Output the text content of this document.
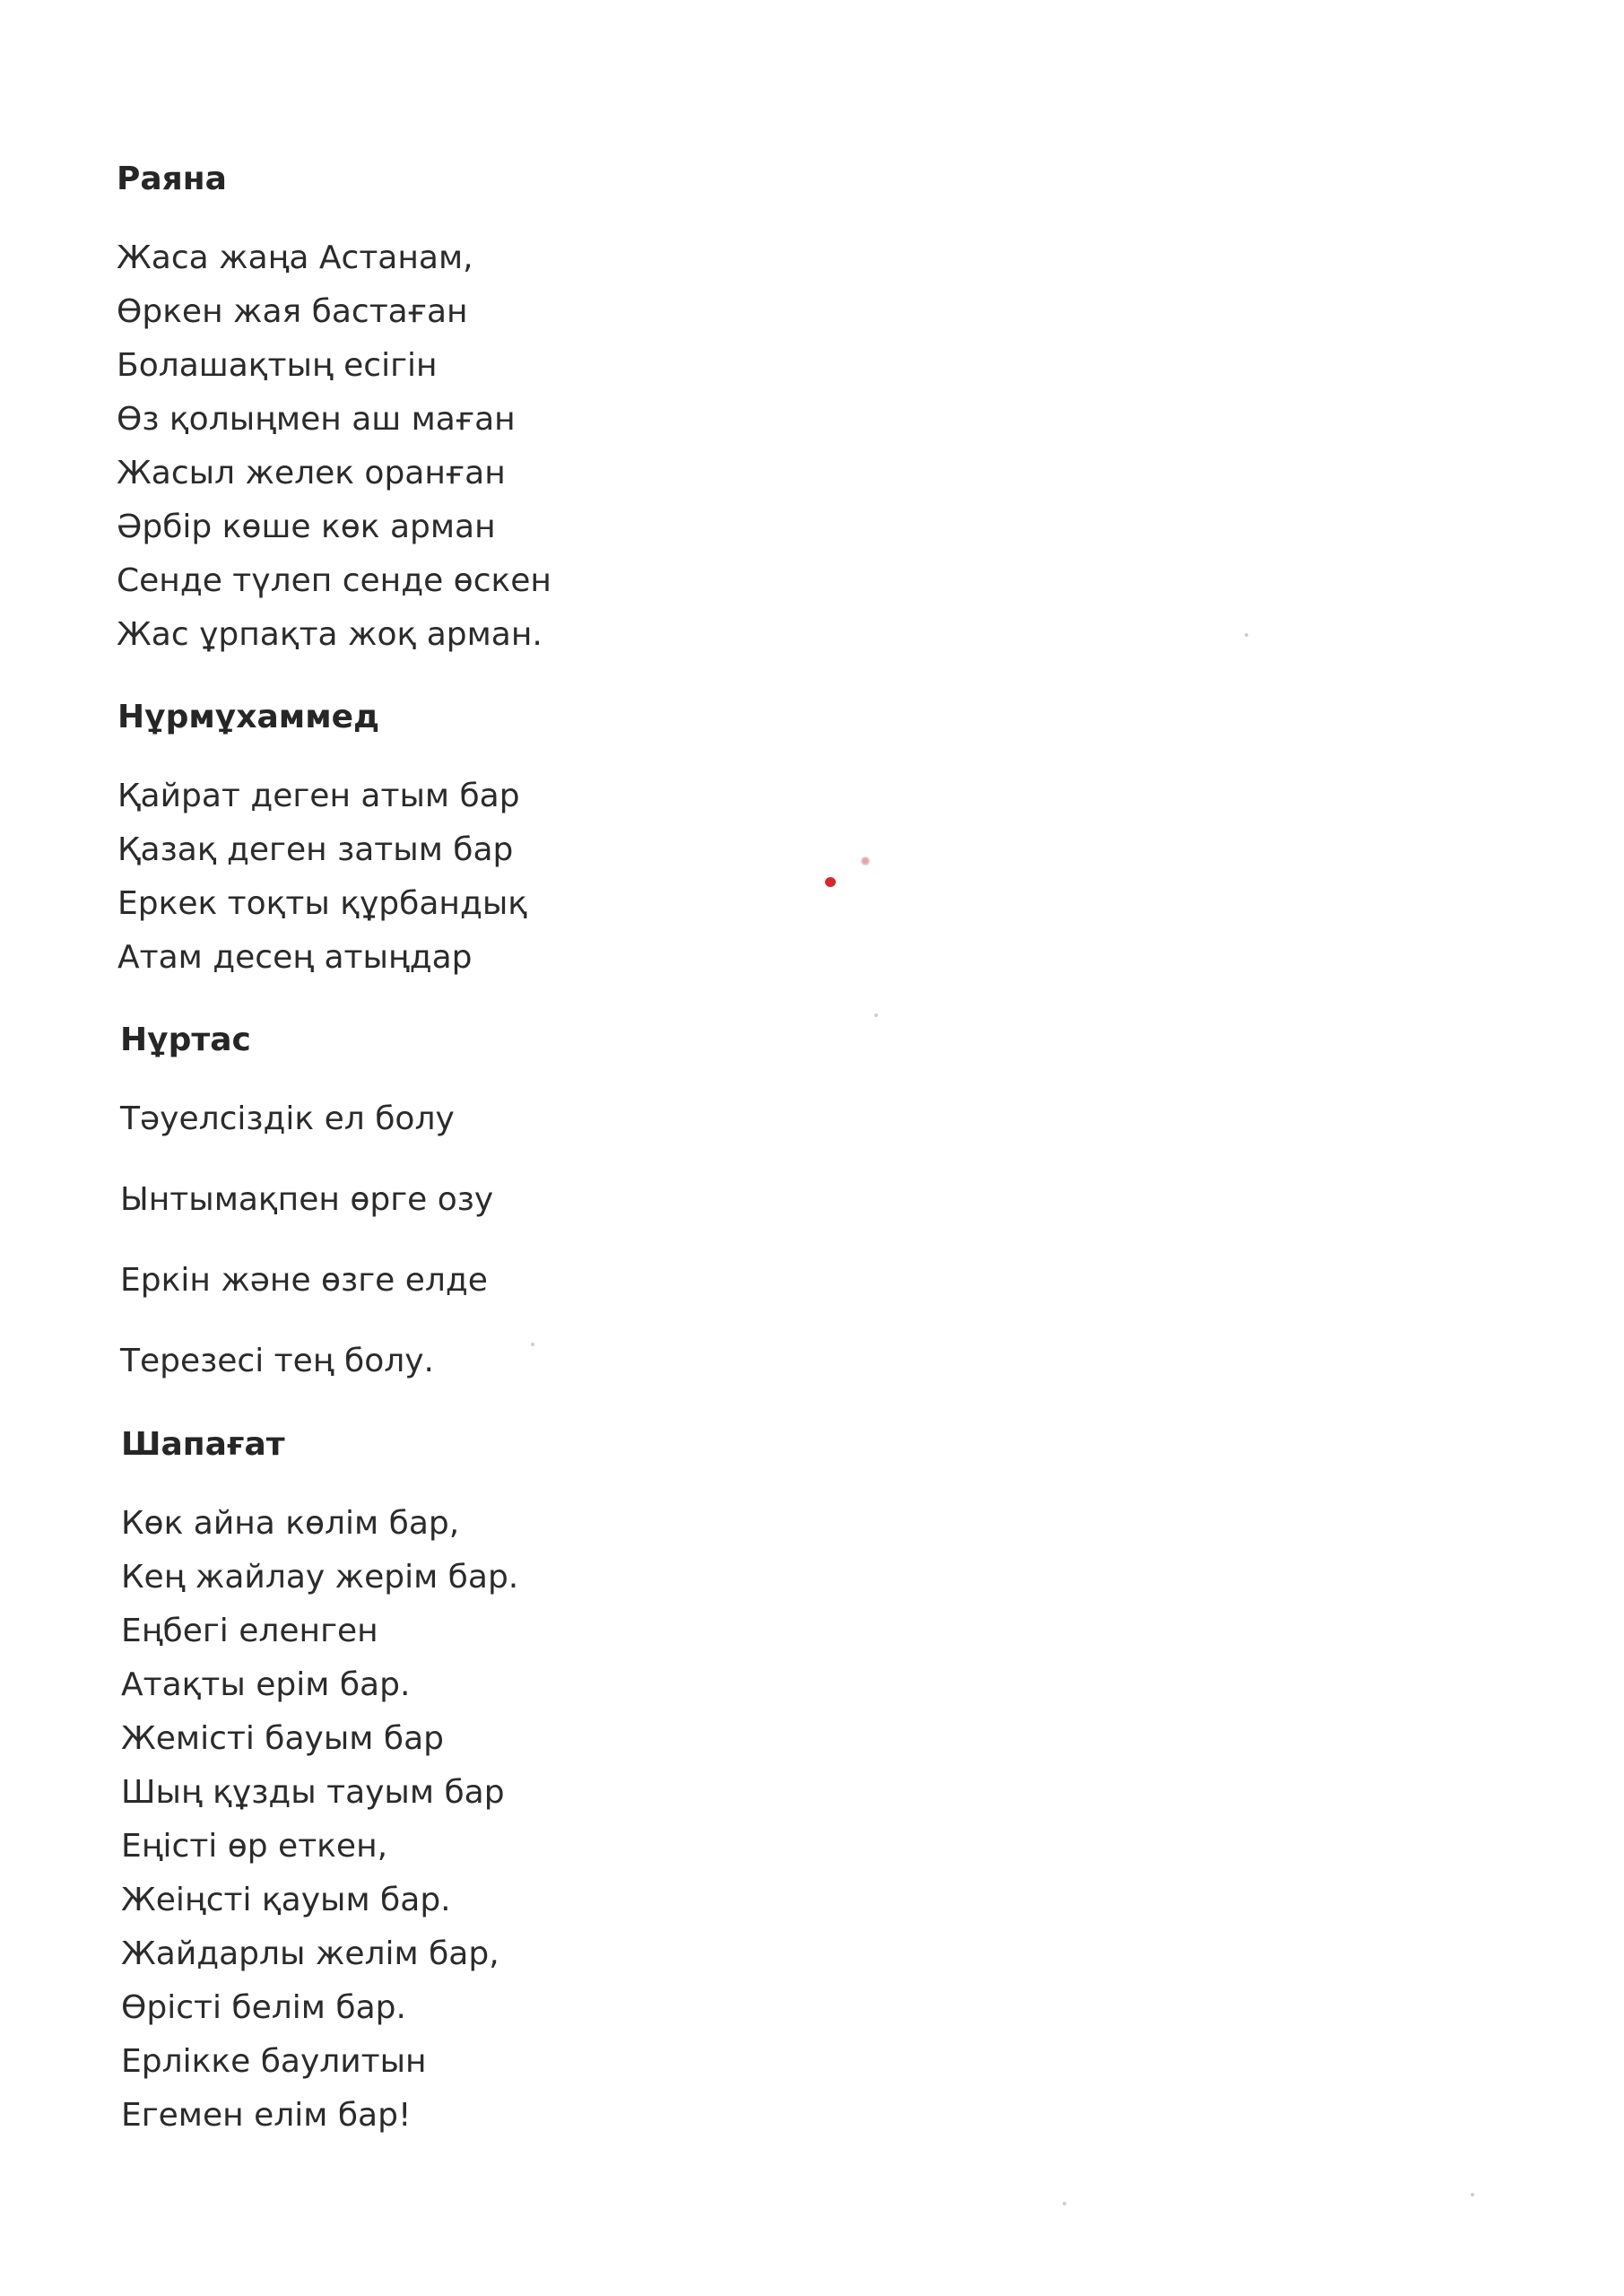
Раяна
Жаса жаңа Астанам,
Өркен жая бастаған
Болашақтың есігін
Өз қолыңмен аш маған
Жасыл желек оранған
Әрбір көше көк арман
Сенде түлеп сенде өскен
Жас ұрпақта жоқ арман.
Нұрмұхаммед
Қайрат деген атым бар
Қазақ деген затым бар
Еркек тоқты құрбандық
Атам десең атыңдар
Нұртас
Тәуелсіздік ел болу
Ынтымақпен өрге озу
Еркін және өзге елде
Терезесі тең болу.
Шапағат
Көк айна көлім бар,
Кең жайлау жерім бар.
Еңбегі еленген
Атақты ерім бар.
Жемісті бауым бар
Шың құзды тауым бар
Еңісті өр еткен,
Жеіңсті қауым бар.
Жайдарлы желім бар,
Өрісті белім бар.
Ерлікке баулитын
Егемен елім бар!
